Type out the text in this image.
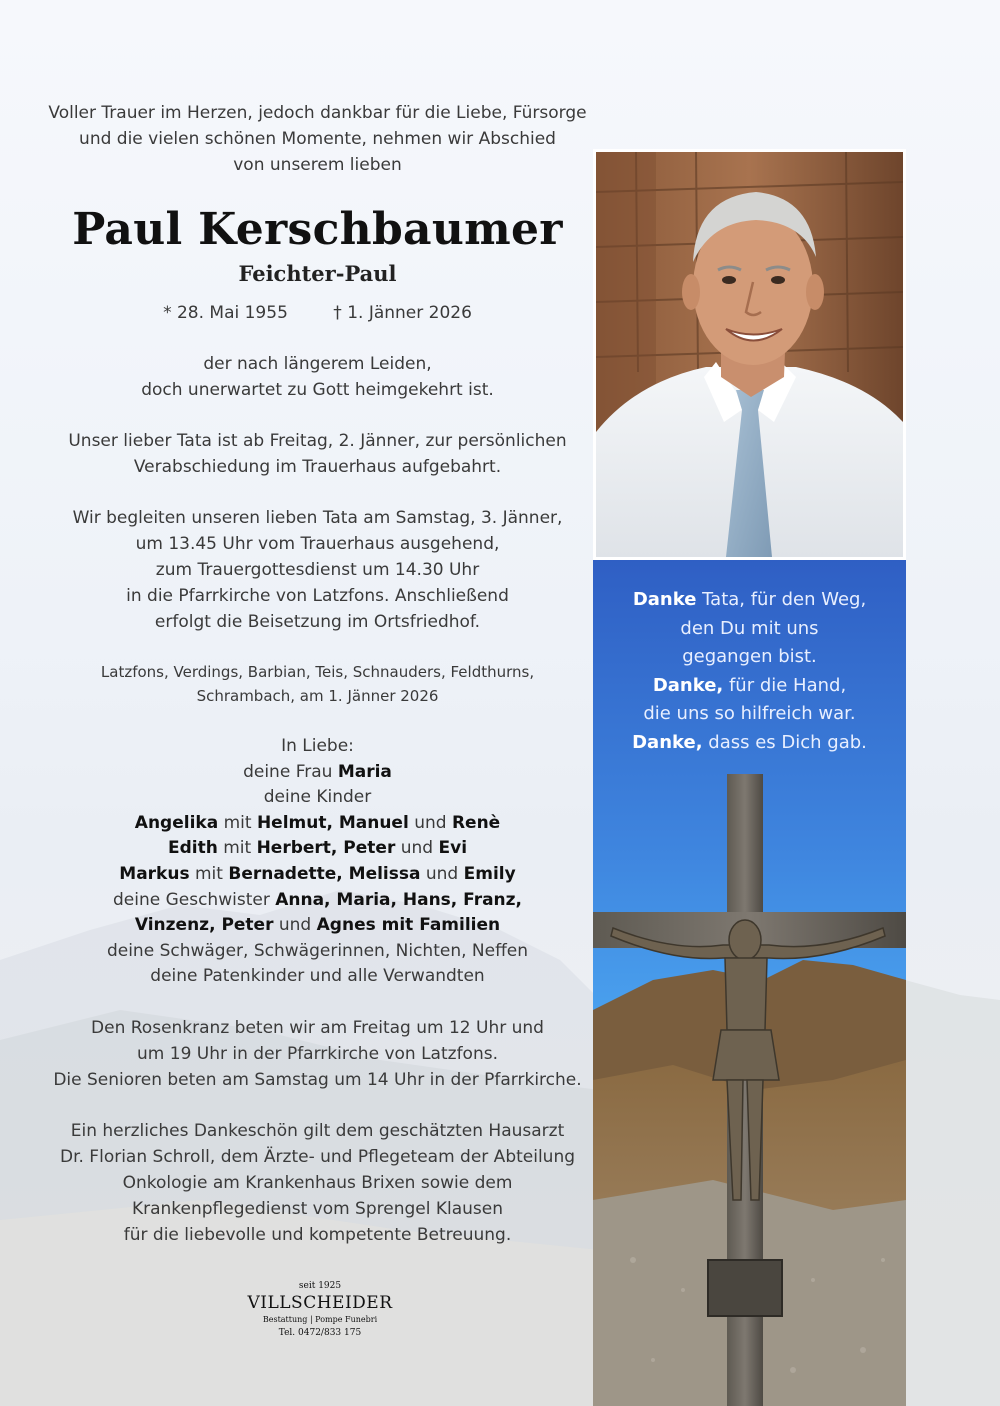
Voller Trauer im Herzen, jedoch dankbar für die Liebe, Fürsorge
und die vielen schönen Momente, nehmen wir Abschied
von unserem lieben
Paul Kerschbaumer
Feichter-Paul
* 28. Mai 1955	† 1. Jänner 2026
der nach längerem Leiden,
doch unerwartet zu Gott heimgekehrt ist.
Unser lieber Tata ist ab Freitag, 2. Jänner, zur persönlichen
Verabschiedung im Trauerhaus aufgebahrt.
Wir begleiten unseren lieben Tata am Samstag, 3. Jänner,
um 13.45 Uhr vom Trauerhaus ausgehend,
zum Trauergottesdienst um 14.30 Uhr
in die Pfarrkirche von Latzfons. Anschließend
erfolgt die Beisetzung im Ortsfriedhof.
Latzfons, Verdings, Barbian, Teis, Schnauders, Feldthurns,
Schrambach, am 1. Jänner 2026
In Liebe:
deine Frau Maria
deine Kinder
Angelika mit Helmut, Manuel und Renè
Edith mit Herbert, Peter und Evi
Markus mit Bernadette, Melissa und Emily
deine Geschwister Anna, Maria, Hans, Franz,
Vinzenz, Peter und Agnes mit Familien
deine Schwäger, Schwägerinnen, Nichten, Neffen
deine Patenkinder und alle Verwandten
Den Rosenkranz beten wir am Freitag um 12 Uhr und
um 19 Uhr in der Pfarrkirche von Latzfons.
Die Senioren beten am Samstag um 14 Uhr in der Pfarrkirche.
Ein herzliches Dankeschön gilt dem geschätzten Hausarzt
Dr. Florian Schroll, dem Ärzte- und Pflegeteam der Abteilung
Onkologie am Krankenhaus Brixen sowie dem
Krankenpflegedienst vom Sprengel Klausen
für die liebevolle und kompetente Betreuung.
seit 1925
VILLSCHEIDER
Bestattung | Pompe Funebri
Tel. 0472/833 175
Danke Tata, für den Weg,
den Du mit uns
gegangen bist.
Danke, für die Hand,
die uns so hilfreich war.
Danke, dass es Dich gab.
